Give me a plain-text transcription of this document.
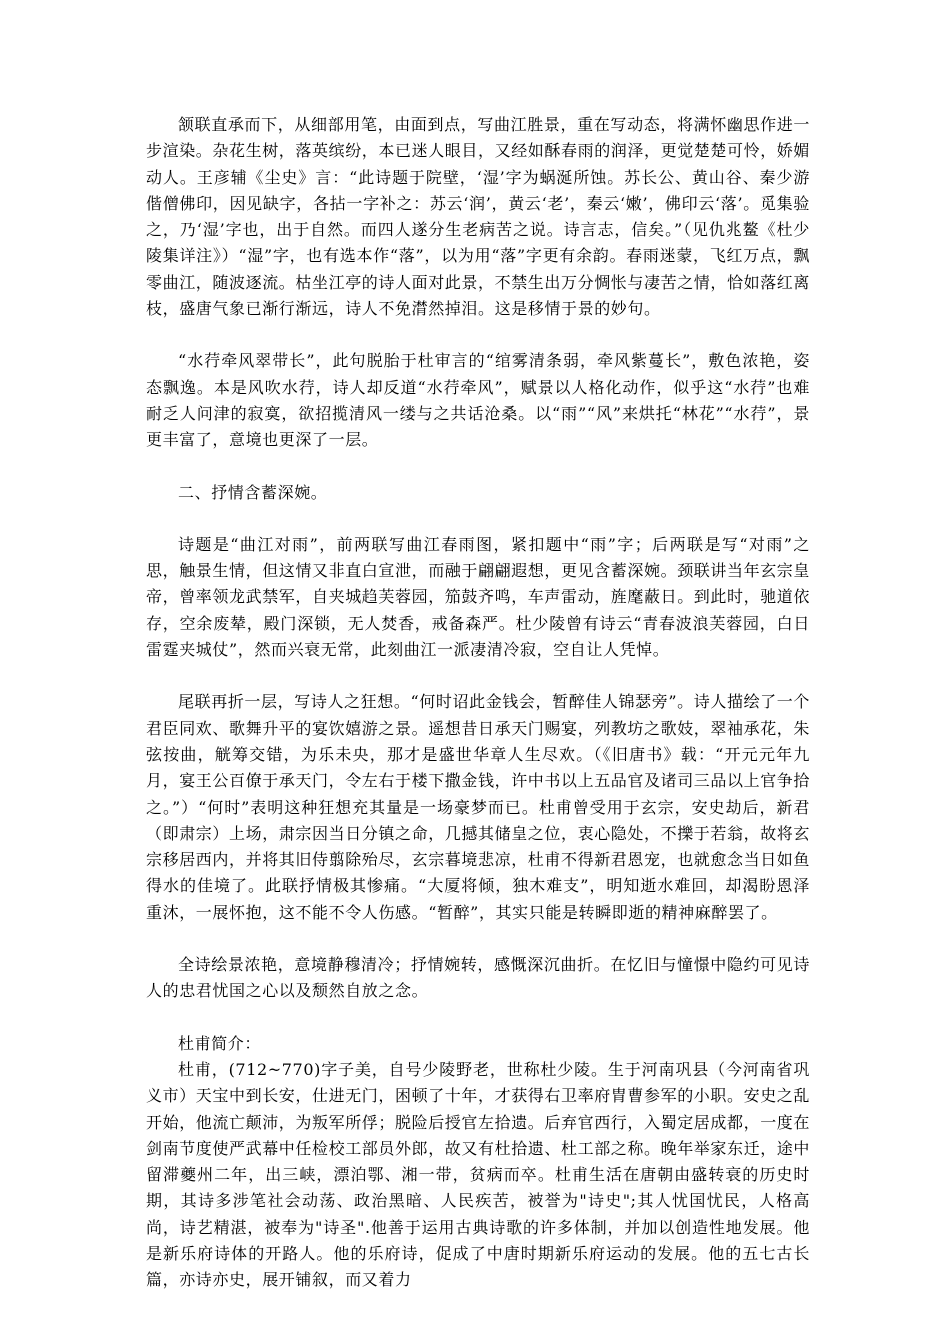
颔联直承而下，从细部用笔，由面到点，写曲江胜景，重在写动态，将满怀幽思作进一步渲染。杂花生树，落英缤纷，本已迷人眼目，又经如酥春雨的润泽，更觉楚楚可怜，娇媚动人。王彦辅《尘史》言：“此诗题于院壁，‘湿’字为蜗涎所蚀。苏长公、黄山谷、秦少游偕僧佛印，因见缺字，各拈一字补之：苏云‘润’，黄云‘老’，秦云‘嫩’，佛印云‘落’。觅集验之，乃‘湿’字也，出于自然。而四人遂分生老病苦之说。诗言志，信矣。”（见仇兆鳌《杜少陵集详注》）“湿”字，也有选本作“落”，以为用“落”字更有余韵。春雨迷蒙，飞红万点，飘零曲江，随波逐流。枯坐江亭的诗人面对此景，不禁生出万分惆怅与凄苦之情，恰如落红离枝，盛唐气象已渐行渐远，诗人不免潸然掉泪。这是移情于景的妙句。

“水荇牵风翠带长”，此句脱胎于杜审言的“绾雾清条弱，牵风紫蔓长”，敷色浓艳，姿态飘逸。本是风吹水荇，诗人却反道“水荇牵风”，赋景以人格化动作，似乎这“水荇”也难耐乏人问津的寂寞，欲招揽清风一缕与之共话沧桑。以“雨”“风”来烘托“林花”“水荇”，景更丰富了，意境也更深了一层。

二、抒情含蓄深婉。

诗题是“曲江对雨”，前两联写曲江春雨图，紧扣题中“雨”字；后两联是写“对雨”之思，触景生情，但这情又非直白宣泄，而融于翩翩遐想，更见含蓄深婉。颈联讲当年玄宗皇帝，曾率领龙武禁军，自夹城趋芙蓉园，笳鼓齐鸣，车声雷动，旌麾蔽日。到此时，驰道依存，空余废辇，殿门深锁，无人焚香，戒备森严。杜少陵曾有诗云“青春波浪芙蓉园，白日雷霆夹城仗”，然而兴衰无常，此刻曲江一派凄清冷寂，空自让人凭悼。

尾联再折一层，写诗人之狂想。“何时诏此金钱会，暂醉佳人锦瑟旁”。诗人描绘了一个君臣同欢、歌舞升平的宴饮嬉游之景。遥想昔日承天门赐宴，列教坊之歌妓，翠袖承花，朱弦按曲，觥筹交错，为乐未央，那才是盛世华章人生尽欢。（《旧唐书》载：“开元元年九月，宴王公百僚于承天门，令左右于楼下撒金钱，许中书以上五品官及诸司三品以上官争拾之。”）“何时”表明这种狂想充其量是一场豪梦而已。杜甫曾受用于玄宗，安史劫后，新君（即肃宗）上场，肃宗因当日分镇之命，几撼其储皇之位，衷心隐处，不擽于若翁，故将玄宗移居西内，并将其旧侍翦除殆尽，玄宗暮境悲凉，杜甫不得新君恩宠，也就愈念当日如鱼得水的佳境了。此联抒情极其惨痛。“大厦将倾，独木难支”，明知逝水难回，却渴盼恩泽重沐，一展怀抱，这不能不令人伤感。“暂醉”，其实只能是转瞬即逝的精神麻醉罢了。

全诗绘景浓艳，意境静穆清冷；抒情婉转，感慨深沉曲折。在忆旧与憧憬中隐约可见诗人的忠君忧国之心以及颓然自放之念。

杜甫简介：

杜甫，(712~770)字子美，自号少陵野老，世称杜少陵。生于河南巩县（今河南省巩义市）天宝中到长安，仕进无门，困顿了十年，才获得右卫率府胄曹参军的小职。安史之乱开始，他流亡颠沛，为叛军所俘；脱险后授官左拾遗。后弃官西行，入蜀定居成都，一度在剑南节度使严武幕中任检校工部员外郎，故又有杜拾遗、杜工部之称。晚年举家东迁，途中留滞夔州二年，出三峡，漂泊鄂、湘一带，贫病而卒。杜甫生活在唐朝由盛转衰的历史时期，其诗多涉笔社会动荡、政治黑暗、人民疾苦，被誉为"诗史";其人忧国忧民，人格高尚，诗艺精湛，被奉为"诗圣".他善于运用古典诗歌的许多体制，并加以创造性地发展。他是新乐府诗体的开路人。他的乐府诗，促成了中唐时期新乐府运动的发展。他的五七古长篇，亦诗亦史，展开铺叙，而又着力
